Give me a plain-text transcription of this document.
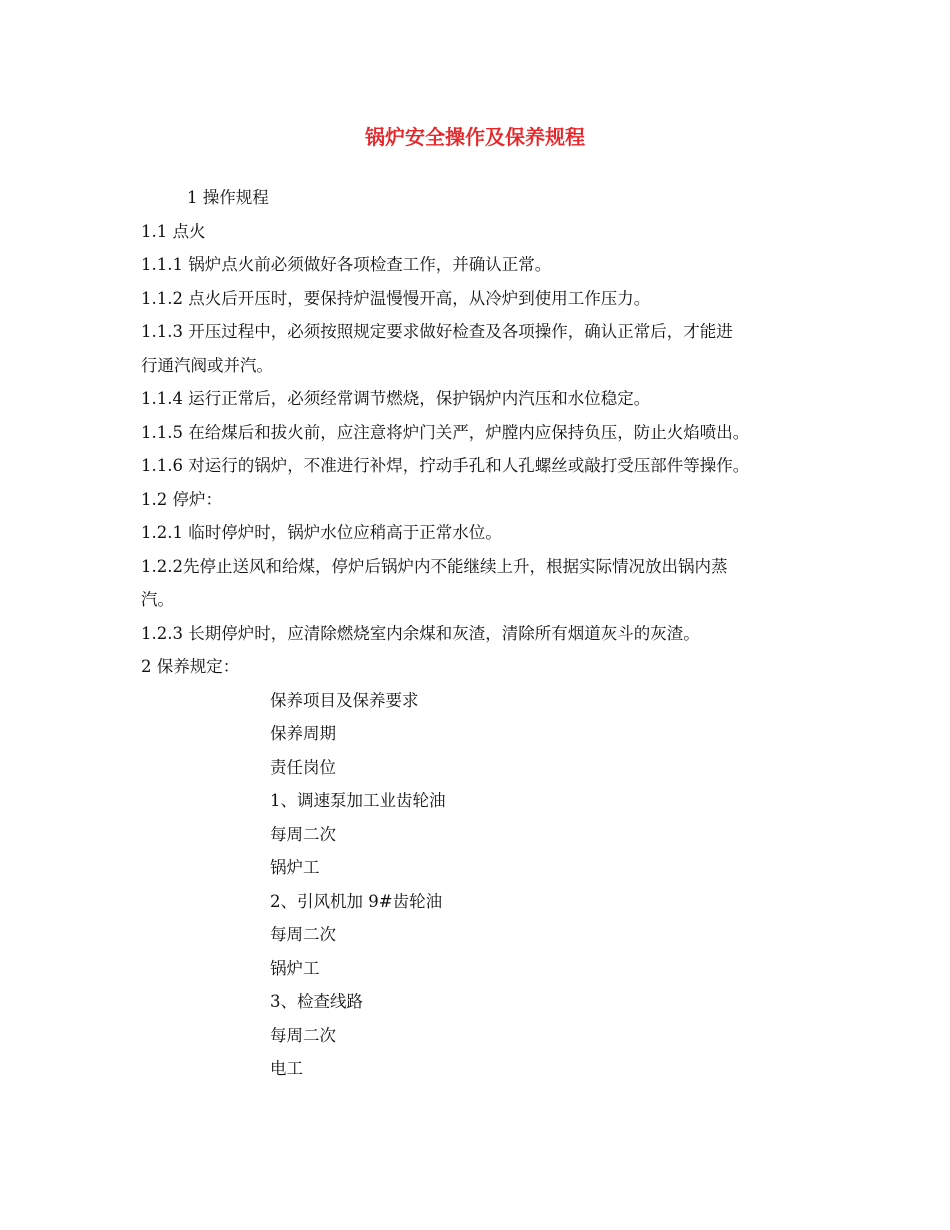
锅炉安全操作及保养规程
1 操作规程
1.1 点火
1.1.1 锅炉点火前必须做好各项检查工作，并确认正常。
1.1.2 点火后开压时，要保持炉温慢慢开高，从冷炉到使用工作压力。
1.1.3 开压过程中，必须按照规定要求做好检查及各项操作，确认正常后，才能进
行通汽阀或并汽。
1.1.4 运行正常后，必须经常调节燃烧，保护锅炉内汽压和水位稳定。
1.1.5 在给煤后和拔火前，应注意将炉门关严，炉膛内应保持负压，防止火焰喷出。
1.1.6 对运行的锅炉，不准进行补焊，拧动手孔和人孔螺丝或敲打受压部件等操作。
1.2 停炉：
1.2.1 临时停炉时，锅炉水位应稍高于正常水位。
1.2.2先停止送风和给煤，停炉后锅炉内不能继续上升，根据实际情况放出锅内蒸
汽。
1.2.3 长期停炉时，应清除燃烧室内余煤和灰渣，清除所有烟道灰斗的灰渣。
2 保养规定：
保养项目及保养要求
保养周期
责任岗位
1、调速泵加工业齿轮油
每周二次
锅炉工
2、引风机加 9#齿轮油
每周二次
锅炉工
3、检查线路
每周二次
电工
